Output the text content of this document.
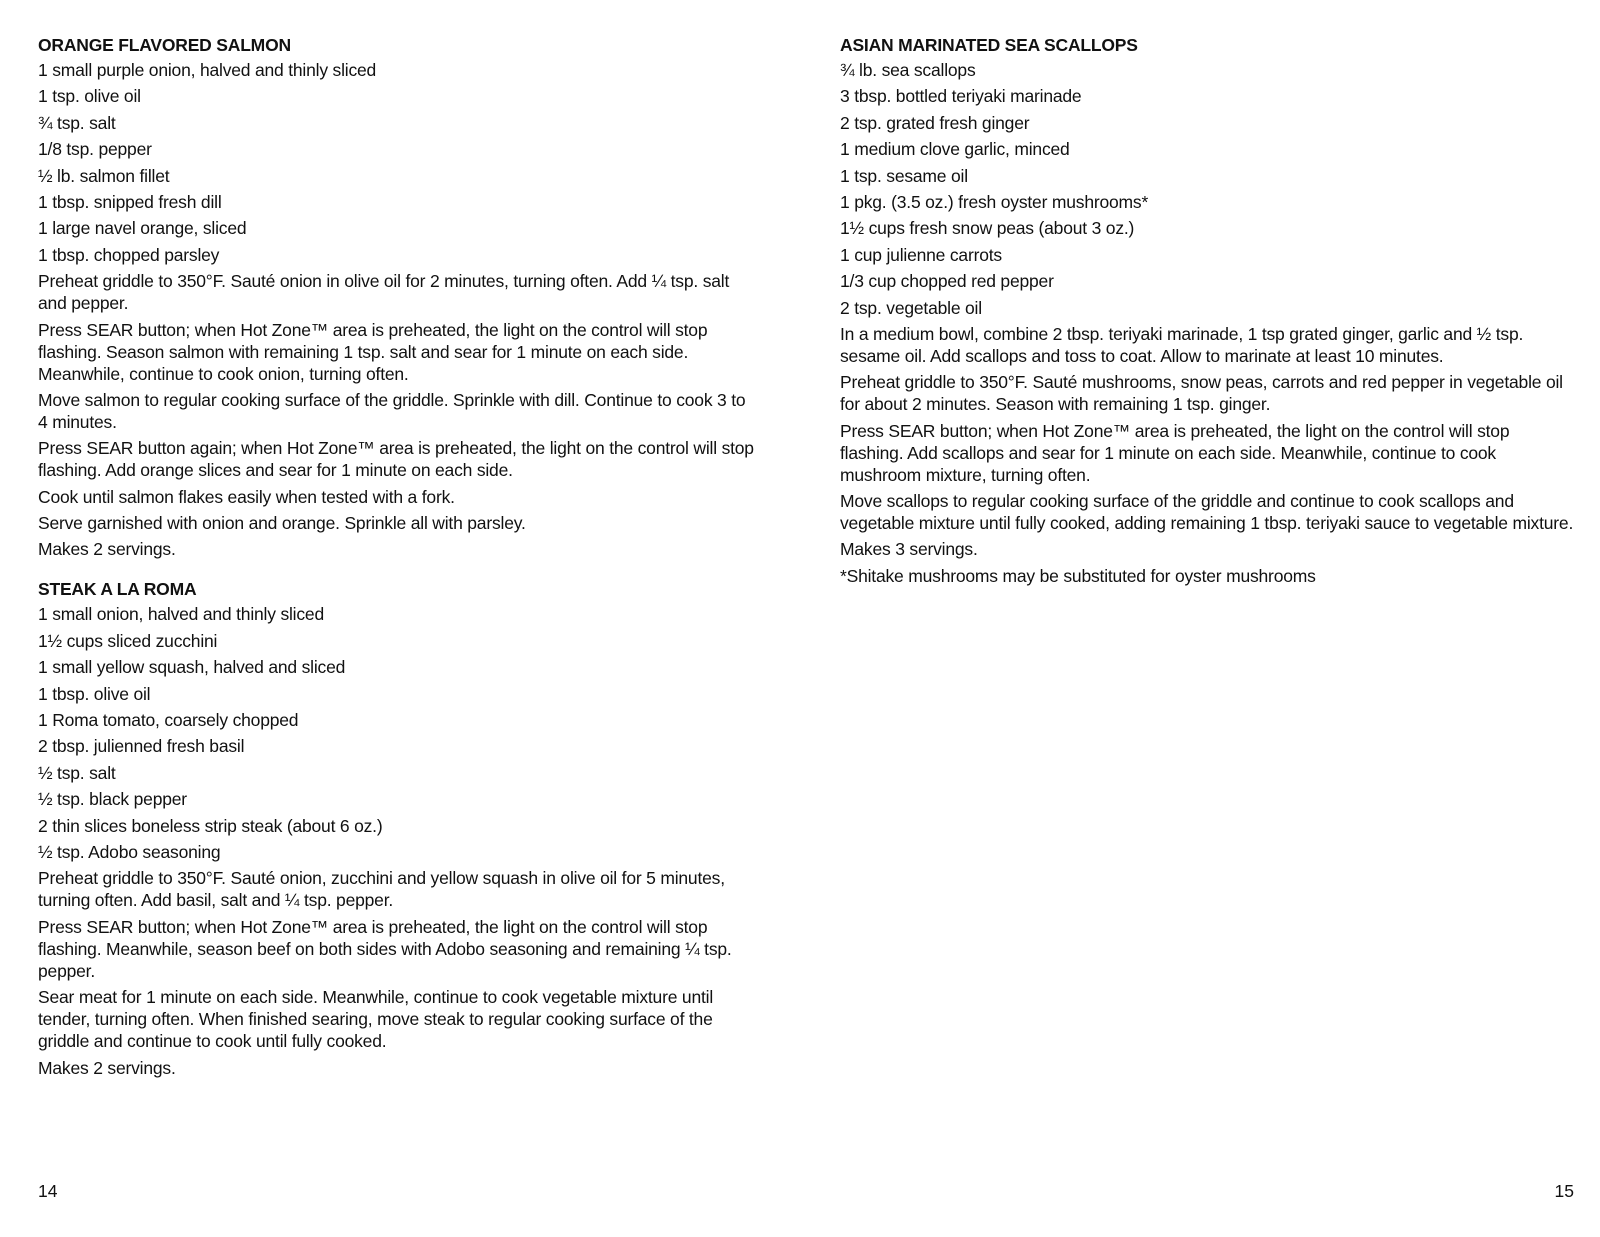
ORANGE FLAVORED SALMON
1 small purple onion, halved and thinly sliced
1 tsp. olive oil
¾ tsp. salt
1/8 tsp. pepper
½ lb. salmon fillet
1 tbsp. snipped fresh dill
1 large navel orange, sliced
1 tbsp. chopped parsley

Preheat griddle to 350°F. Sauté onion in olive oil for 2 minutes, turning often. Add ¼ tsp. salt and pepper.

Press SEAR button; when Hot Zone™ area is preheated, the light on the control will stop flashing. Season salmon with remaining 1 tsp. salt and sear for 1 minute on each side. Meanwhile, continue to cook onion, turning often.

Move salmon to regular cooking surface of the griddle. Sprinkle with dill. Continue to cook 3 to 4 minutes.

Press SEAR button again; when Hot Zone™ area is preheated, the light on the control will stop flashing. Add orange slices and sear for 1 minute on each side.

Cook until salmon flakes easily when tested with a fork.

Serve garnished with onion and orange. Sprinkle all with parsley.

Makes 2 servings.

STEAK A LA ROMA
1 small onion, halved and thinly sliced
1½ cups sliced zucchini
1 small yellow squash, halved and sliced
1 tbsp. olive oil
1 Roma tomato, coarsely chopped
2 tbsp. julienned fresh basil
½ tsp. salt
½ tsp. black pepper
2 thin slices boneless strip steak (about 6 oz.)
½ tsp. Adobo seasoning

Preheat griddle to 350°F. Sauté onion, zucchini and yellow squash in olive oil for 5 minutes, turning often. Add basil, salt and ¼ tsp. pepper.

Press SEAR button; when Hot Zone™ area is preheated, the light on the control will stop flashing. Meanwhile, season beef on both sides with Adobo seasoning and remaining ¼ tsp. pepper.

Sear meat for 1 minute on each side. Meanwhile, continue to cook vegetable mixture until tender, turning often. When finished searing, move steak to regular cooking surface of the griddle and continue to cook until fully cooked.

Makes 2 servings.

ASIAN MARINATED SEA SCALLOPS
¾ lb. sea scallops
3 tbsp. bottled teriyaki marinade
2 tsp. grated fresh ginger
1 medium clove garlic, minced
1 tsp. sesame oil
1 pkg. (3.5 oz.) fresh oyster mushrooms*
1½ cups fresh snow peas (about 3 oz.)
1 cup julienne carrots
1/3 cup chopped red pepper
2 tsp. vegetable oil

In a medium bowl, combine 2 tbsp. teriyaki marinade, 1 tsp grated ginger, garlic and ½ tsp. sesame oil. Add scallops and toss to coat. Allow to marinate at least 10 minutes.

Preheat griddle to 350°F. Sauté mushrooms, snow peas, carrots and red pepper in vegetable oil for about 2 minutes. Season with remaining 1 tsp. ginger.

Press SEAR button; when Hot Zone™ area is preheated, the light on the control will stop flashing. Add scallops and sear for 1 minute on each side. Meanwhile, continue to cook mushroom mixture, turning often.

Move scallops to regular cooking surface of the griddle and continue to cook scallops and vegetable mixture until fully cooked, adding remaining 1 tbsp. teriyaki sauce to vegetable mixture.

Makes 3 servings.

*Shitake mushrooms may be substituted for oyster mushrooms

14	15
